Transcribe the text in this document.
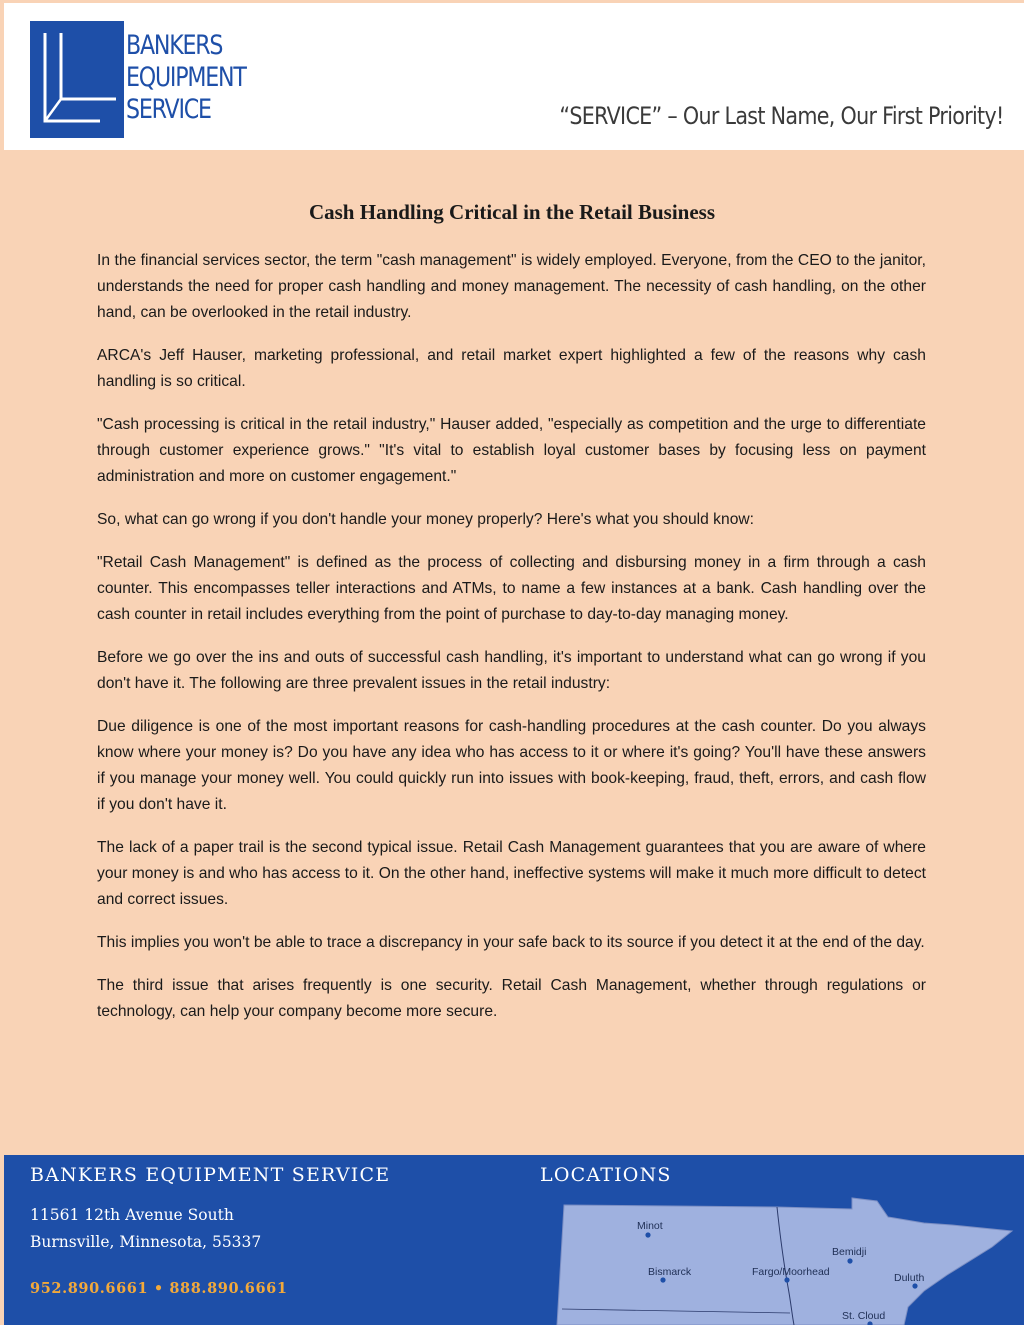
BANKERS
EQUIPMENT
SERVICE	“SERVICE” – Our Last Name, Our First Priority!
Cash Handling Critical in the Retail Business

In the financial services sector, the term "cash management" is widely employed. Everyone, from the CEO to the janitor, understands the need for proper cash handling and money management. The necessity of cash handling, on the other hand, can be overlooked in the retail industry.

ARCA's Jeff Hauser, marketing professional, and retail market expert highlighted a few of the reasons why cash handling is so critical.

"Cash processing is critical in the retail industry," Hauser added, "especially as competition and the urge to differentiate through customer experience grows." "It's vital to establish loyal customer bases by focusing less on payment administration and more on customer engagement."

So, what can go wrong if you don't handle your money properly? Here's what you should know:

"Retail Cash Management" is defined as the process of collecting and disbursing money in a firm through a cash counter. This encompasses teller interactions and ATMs, to name a few instances at a bank. Cash handling over the cash counter in retail includes everything from the point of purchase to day-to-day managing money.

Before we go over the ins and outs of successful cash handling, it's important to understand what can go wrong if you don't have it. The following are three prevalent issues in the retail industry:

Due diligence is one of the most important reasons for cash-handling procedures at the cash counter. Do you always know where your money is? Do you have any idea who has access to it or where it's going? You'll have these answers if you manage your money well. You could quickly run into issues with book-keeping, fraud, theft, errors, and cash flow if you don't have it.

The lack of a paper trail is the second typical issue. Retail Cash Management guarantees that you are aware of where your money is and who has access to it. On the other hand, ineffective systems will make it much more difficult to detect and correct issues.

This implies you won't be able to trace a discrepancy in your safe back to its source if you detect it at the end of the day.

The third issue that arises frequently is one security. Retail Cash Management, whether through regulations or technology, can help your company become more secure.

BANKERS EQUIPMENT SERVICE
11561 12th Avenue South
Burnsville, Minnesota, 55337
952.890.6661 • 888.890.6661
LOCATIONS
Minot
Bemidji
Bismarck	Fargo/Moorhead	Duluth
St. Cloud
